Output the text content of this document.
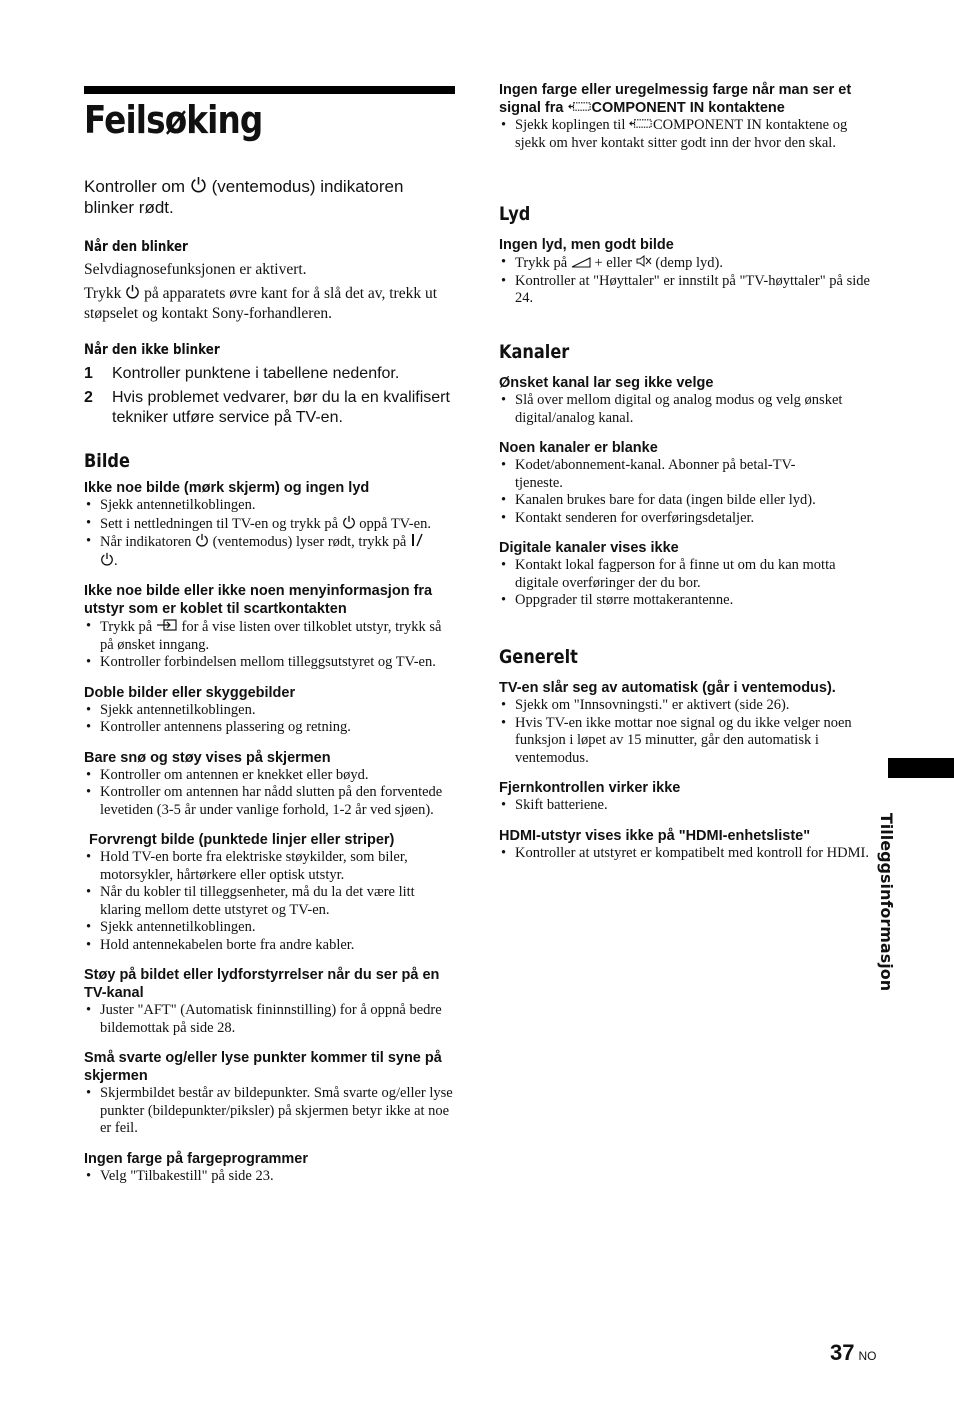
Feilsøking

Kontroller om (ventemodus) indikatoren blinker rødt.

Når den blinker

Selvdiagnosefunksjonen er aktivert.

Trykk på apparatets øvre kant for å slå det av, trekk ut støpselet og kontakt Sony-forhandleren.

Når den ikke blinker

1	Kontroller punktene i tabellene nedenfor.
2	Hvis problemet vedvarer, bør du la en kvalifisert tekniker utføre service på TV-en.

Bilde

Ikke noe bilde (mørk skjerm) og ingen lyd

• Sjekk antennetilkoblingen.
• Sett i nettledningen til TV-en og trykk på oppå TV-en.
• Når indikatoren (ventemodus) lyser rødt, trykk på
.

Ikke noe bilde eller ikke noen menyinformasjon fra utstyr som er koblet til scartkontakten

• Trykk på for å vise listen over tilkoblet utstyr, trykk så på ønsket inngang.
• Kontroller forbindelsen mellom tilleggsutstyret og TV-en.

Doble bilder eller skyggebilder

• Sjekk antennetilkoblingen.
• Kontroller antennens plassering og retning.

Bare snø og støy vises på skjermen

• Kontroller om antennen er knekket eller bøyd.
• Kontroller om antennen har nådd slutten på den forventede levetiden (3-5 år under vanlige forhold, 1-2 år ved sjøen).

Forvrengt bilde (punktede linjer eller striper)

• Hold TV-en borte fra elektriske støykilder, som biler, motorsykler, hårtørkere eller optisk utstyr.
• Når du kobler til tilleggsenheter, må du la det være litt klaring mellom dette utstyret og TV-en.
• Sjekk antennetilkoblingen.
• Hold antennekabelen borte fra andre kabler.

Støy på bildet eller lydforstyrrelser når du ser på en TV-kanal

• Juster "AFT" (Automatisk fininnstilling) for å oppnå bedre bildemottak på side 28.

Små svarte og/eller lyse punkter kommer til syne på skjermen

• Skjermbildet består av bildepunkter. Små svarte og/eller lyse punkter (bildepunkter/piksler) på skjermen betyr ikke at noe er feil.

Ingen farge på fargeprogrammer

• Velg "Tilbakestill" på side 23.

Ingen farge eller uregelmessig farge når man ser et signal fra COMPONENT IN kontaktene

• Sjekk koplingen til COMPONENT IN kontaktene og sjekk om hver kontakt sitter godt inn der hvor den skal.

Lyd

Ingen lyd, men godt bilde

• Trykk på + eller (demp lyd).
• Kontroller at "Høyttaler" er innstilt på "TV-høyttaler" på side 24.

Kanaler

Ønsket kanal lar seg ikke velge

• Slå over mellom digital og analog modus og velg ønsket digital/analog kanal.

Noen kanaler er blanke

• Kodet/abonnement-kanal. Abonner på betal-TV-tjeneste.
• Kanalen brukes bare for data (ingen bilde eller lyd).
• Kontakt senderen for overføringsdetaljer.

Digitale kanaler vises ikke

• Kontakt lokal fagperson for å finne ut om du kan motta digitale overføringer der du bor.
• Oppgrader til større mottakerantenne.

Generelt

TV-en slår seg av automatisk (går i ventemodus).

• Sjekk om "Innsovningsti." er aktivert (side 26).
• Hvis TV-en ikke mottar noe signal og du ikke velger noen funksjon i løpet av 15 minutter, går den automatisk i ventemodus.

Fjernkontrollen virker ikke

• Skift batteriene.

HDMI-utstyr vises ikke på "HDMI-enhetsliste"

• Kontroller at utstyret er kompatibelt med kontroll for HDMI. Tilleggsinformasjon
37 NO
